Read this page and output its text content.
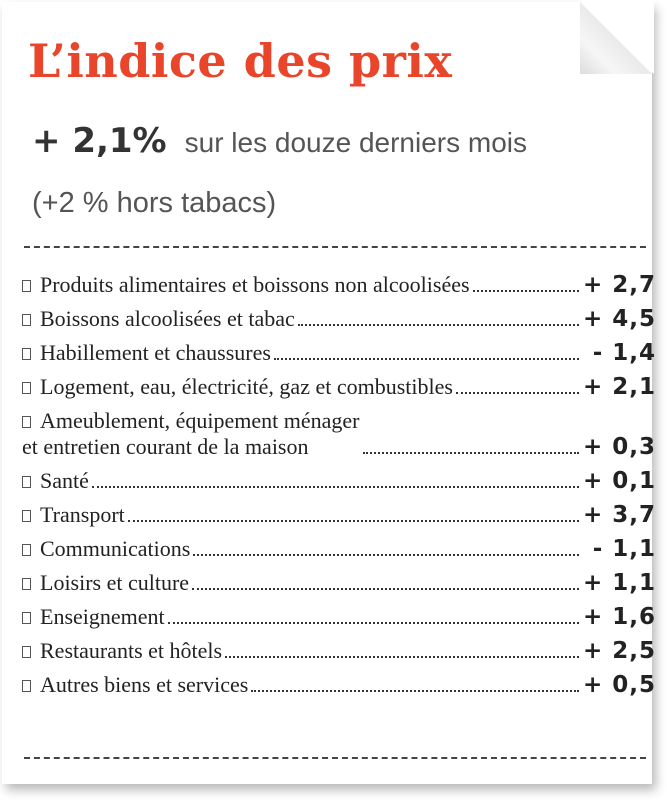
L’indice des prix
+ 2,1% sur les douze derniers mois
(+2 % hors tabacs)
Produits alimentaires et boissons non alcoolisées	+ 2,7
Boissons alcoolisées et tabac	+ 4,5
Habillement et chaussures	- 1,4
Logement, eau, électricité, gaz et combustibles	+ 2,1
Ameublement, équipement ménager
et entretien courant de la maison	+ 0,3
Santé	+ 0,1
Transport	+ 3,7
Communications	- 1,1
Loisirs et culture	+ 1,1
Enseignement	+ 1,6
Restaurants et hôtels	+ 2,5
Autres biens et services	+ 0,5
